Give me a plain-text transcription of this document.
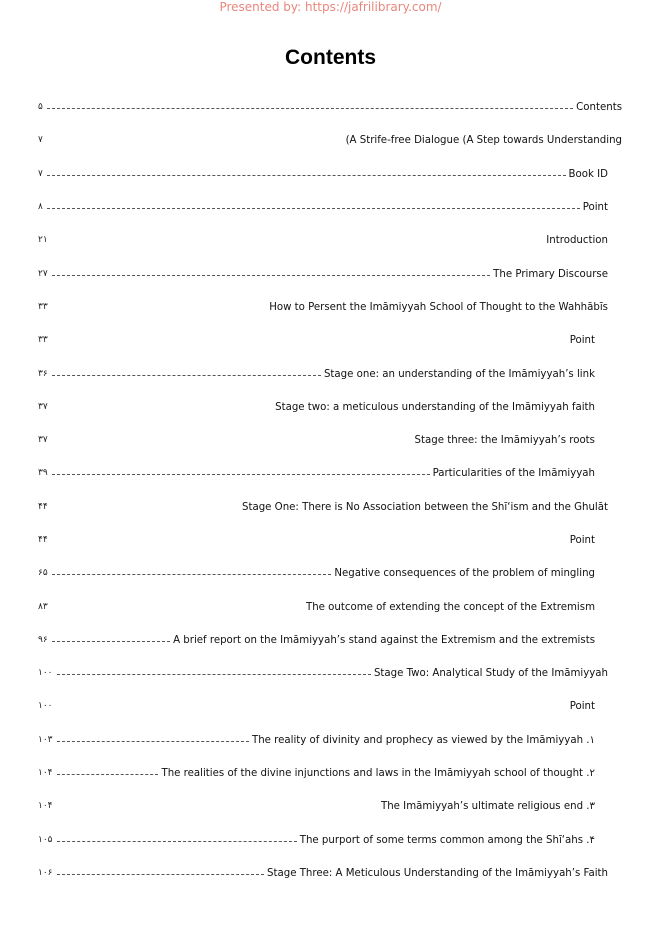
Presented by: https://jafrilibrary.com/
Contents
۵	Contents
۷	(A Strife-free Dialogue (A Step towards Understanding
۷	Book ID
۸	Point
۲۱	Introduction
۲۷	The Primary Discourse
۳۳	How to Persent the Imāmiyyah School of Thought to the Wahhābīs
۳۳	Point
۳۶	Stage one: an understanding of the Imāmiyyah’s link
۳۷	Stage two: a meticulous understanding of the Imāmiyyah faith
۳۷	Stage three: the Imāmiyyah’s roots
۳۹	Particularities of the Imāmiyyah
۴۴	Stage One: There is No Association between the Shī‘ism and the Ghulāt
۴۴	Point
۶۵	Negative consequences of the problem of mingling
۸۳	The outcome of extending the concept of the Extremism
۹۶	A brief report on the Imāmiyyah’s stand against the Extremism and the extremists
۱۰۰	Stage Two: Analytical Study of the Imāmiyyah
۱۰۰	Point
۱۰۳	The reality of divinity and prophecy as viewed by the Imāmiyyah .۱
۱۰۴	The realities of the divine injunctions and laws in the Imāmiyyah school of thought .۲
۱۰۴	The Imāmiyyah’s ultimate religious end .۳
۱۰۵	The purport of some terms common among the Shī‘ahs .۴
۱۰۶	Stage Three: A Meticulous Understanding of the Imāmiyyah’s Faith
